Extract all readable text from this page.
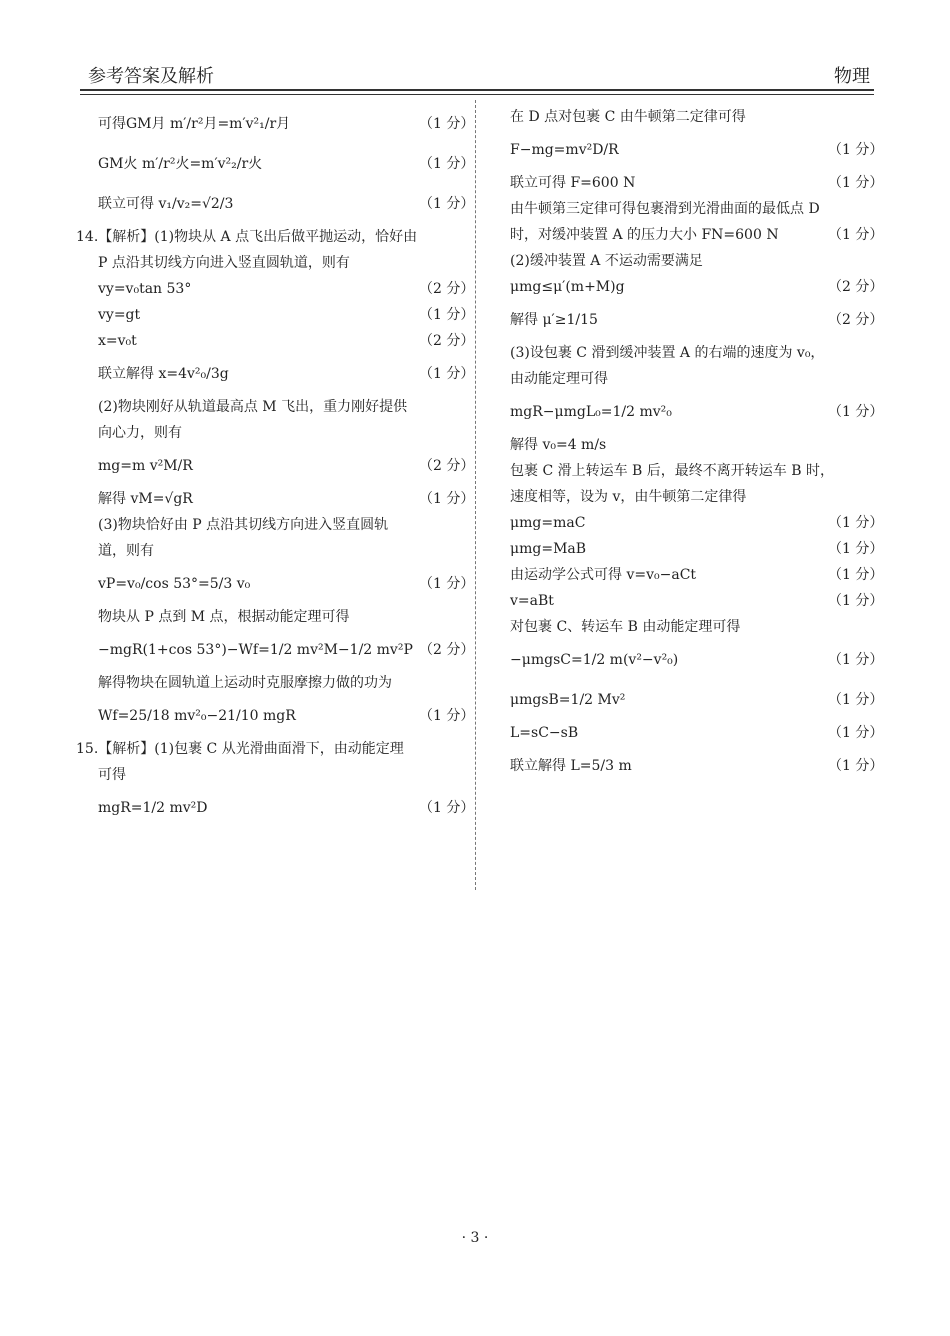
参考答案及解析	物理
可得GM月 m′/r²月=m′v²₁/r月	（1 分）
GM火 m′/r²火=m′v²₂/r火	（1 分）
联立可得 v₁/v₂=√2/3	（1 分）
14.【解析】(1)物块从 A 点飞出后做平抛运动，恰好由
P 点沿其切线方向进入竖直圆轨道，则有
vy=v₀tan 53°	（2 分）
vy=gt	（1 分）
x=v₀t	（2 分）
联立解得 x=4v²₀/3g	（1 分）
(2)物块刚好从轨道最高点 M 飞出，重力刚好提供
向心力，则有
mg=m v²M/R	（2 分）
解得 vM=√gR	（1 分）
(3)物块恰好由 P 点沿其切线方向进入竖直圆轨
道，则有
vP=v₀/cos 53°=5/3 v₀	（1 分）
物块从 P 点到 M 点，根据动能定理可得
−mgR(1+cos 53°)−Wf=1/2 mv²M−1/2 mv²P （2 分）
解得物块在圆轨道上运动时克服摩擦力做的功为
Wf=25/18 mv²₀−21/10 mgR	（1 分）
15.【解析】(1)包裹 C 从光滑曲面滑下，由动能定理
可得
mgR=1/2 mv²D	（1 分）
在 D 点对包裹 C 由牛顿第二定律可得
F−mg=mv²D/R	（1 分）
联立可得 F=600 N	（1 分）
由牛顿第三定律可得包裹滑到光滑曲面的最低点 D
时，对缓冲装置 A 的压力大小 FN=600 N	（1 分）
(2)缓冲装置 A 不运动需要满足
μmg≤μ′(m+M)g	（2 分）
解得 μ′≥1/15	（2 分）
(3)设包裹 C 滑到缓冲装置 A 的右端的速度为 v₀，
由动能定理可得
mgR−μmgL₀=1/2 mv²₀	（1 分）
解得 v₀=4 m/s
包裹 C 滑上转运车 B 后，最终不离开转运车 B 时，
速度相等，设为 v，由牛顿第二定律得
μmg=maC	（1 分）
μmg=MaB	（1 分）
由运动学公式可得 v=v₀−aCt	（1 分）
v=aBt	（1 分）
对包裹 C、转运车 B 由动能定理可得
−μmgsC=1/2 m(v²−v²₀)	（1 分）
μmgsB=1/2 Mv²	（1 分）
L=sC−sB	（1 分）
联立解得 L=5/3 m	（1 分）
· 3 ·
